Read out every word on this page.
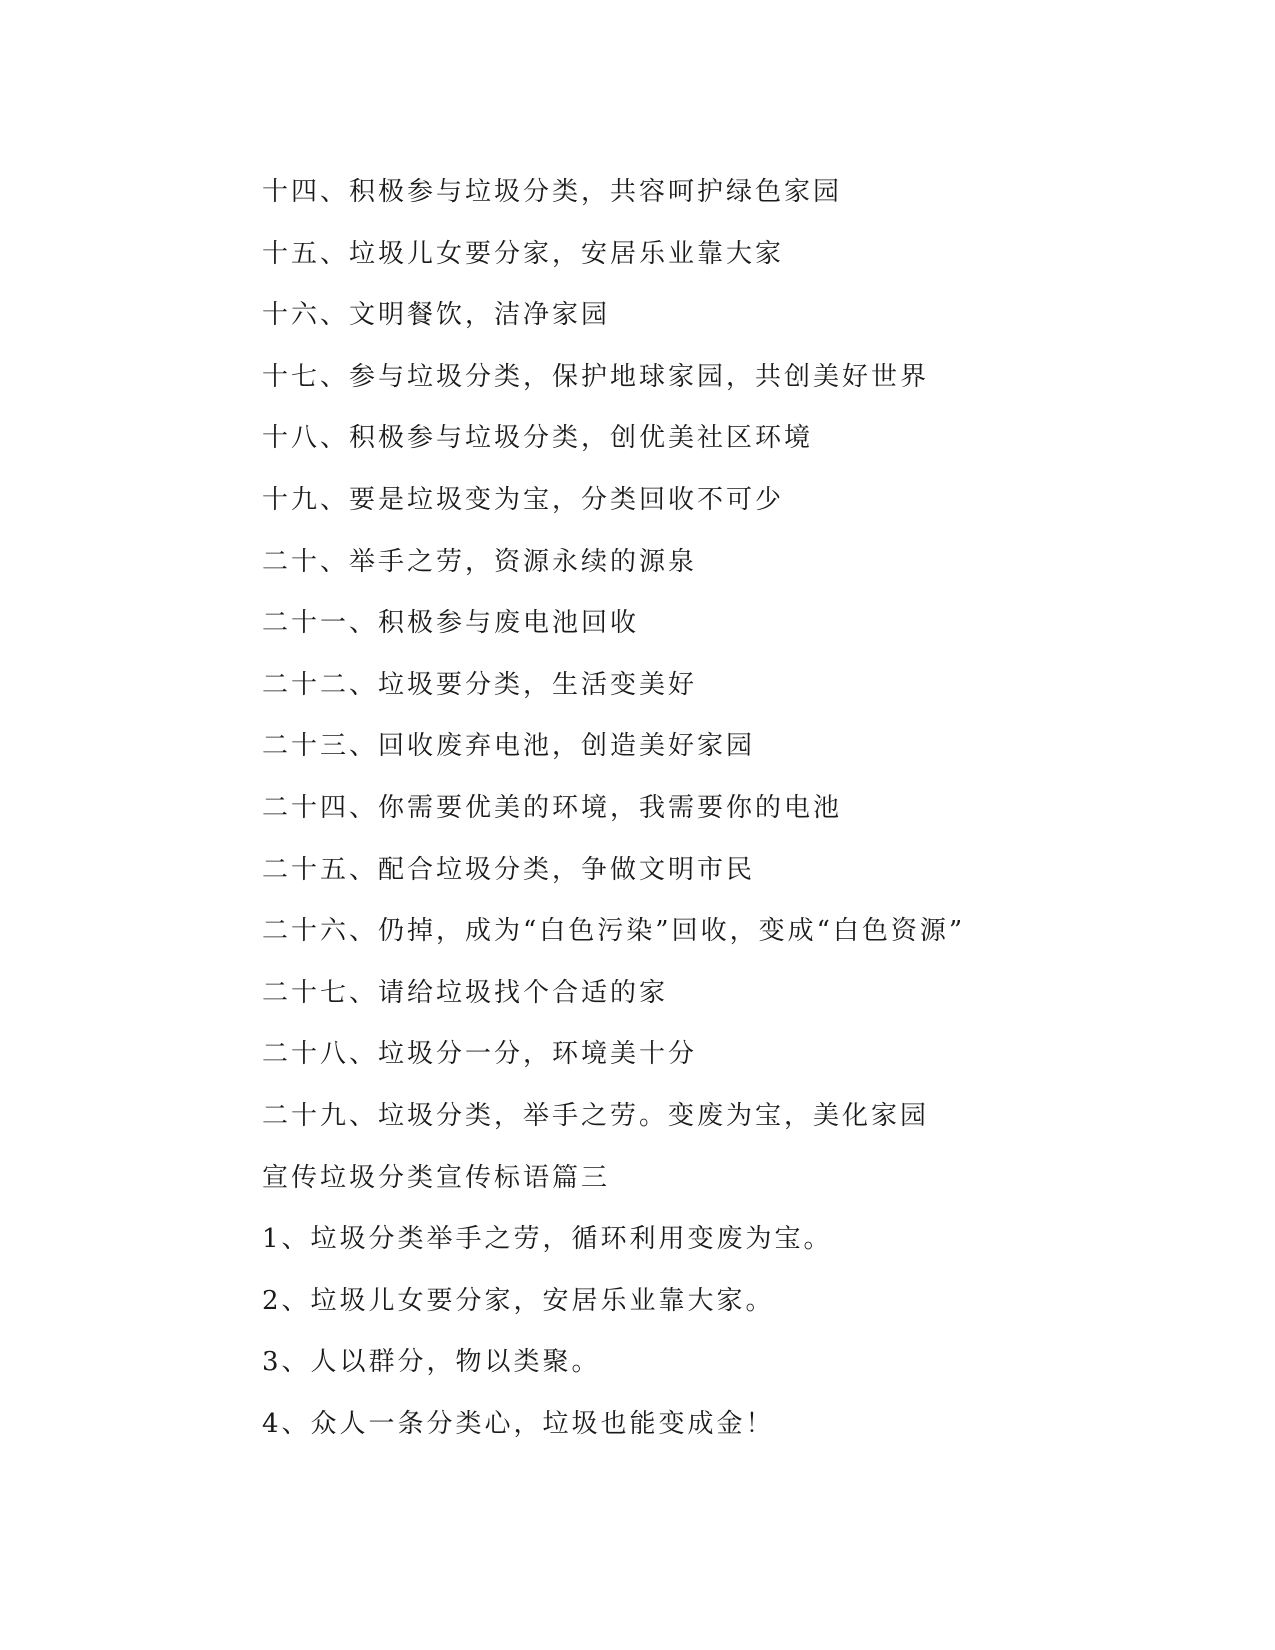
十四、积极参与垃圾分类，共容呵护绿色家园
十五、垃圾儿女要分家，安居乐业靠大家
十六、文明餐饮，洁净家园
十七、参与垃圾分类，保护地球家园，共创美好世界
十八、积极参与垃圾分类，创优美社区环境
十九、要是垃圾变为宝，分类回收不可少
二十、举手之劳，资源永续的源泉
二十一、积极参与废电池回收
二十二、垃圾要分类，生活变美好
二十三、回收废弃电池，创造美好家园
二十四、你需要优美的环境，我需要你的电池
二十五、配合垃圾分类，争做文明市民
二十六、仍掉，成为“白色污染”回收，变成“白色资源”
二十七、请给垃圾找个合适的家
二十八、垃圾分一分，环境美十分
二十九、垃圾分类，举手之劳。变废为宝，美化家园
宣传垃圾分类宣传标语篇三
1、垃圾分类举手之劳，循环利用变废为宝。
2、垃圾儿女要分家，安居乐业靠大家。
3、人以群分，物以类聚。
4、众人一条分类心，垃圾也能变成金！
